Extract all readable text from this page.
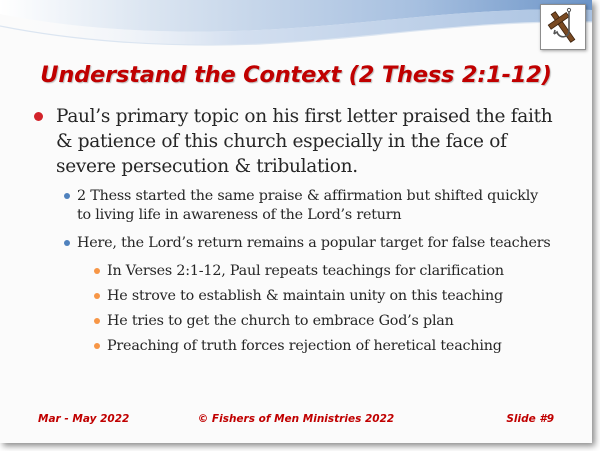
Understand the Context (2 Thess 2:1-12)
Paul’s primary topic on his first letter praised the faith & patience of this church especially in the face of severe persecution & tribulation.
2 Thess started the same praise & affirmation but shifted quickly to living life in awareness of the Lord’s return
Here, the Lord’s return remains a popular target for false teachers
In Verses 2:1-12, Paul repeats teachings for clarification
He strove to establish & maintain unity on this teaching
He tries to get the church to embrace God’s plan
Preaching of truth forces rejection of heretical teaching
Mar - May 2022	© Fishers of Men Ministries 2022	Slide #9
